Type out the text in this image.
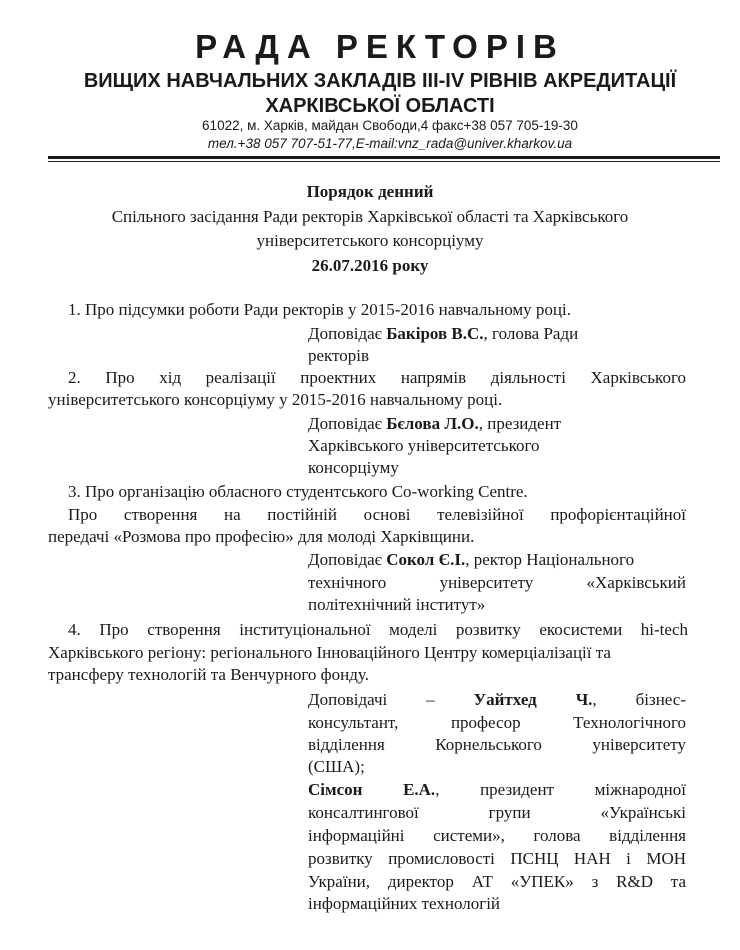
РАДА РЕКТОРІВ
ВИЩИХ НАВЧАЛЬНИХ ЗАКЛАДІВ ІІІ-ІV РІВНІВ АКРЕДИТАЦІЇ
ХАРКІВСЬКОЇ ОБЛАСТІ
61022, м. Харків, майдан Свободи,4 факс+38 057 705-19-30
тел.+38 057 707-51-77,E-mail:vnz_rada@univer.kharkov.ua
Порядок денний
Спільного засідання Ради ректорів Харківської області та Харківського
університетського консорціуму
26.07.2016 року
1. Про підсумки роботи Ради ректорів у 2015-2016 навчальному році.
Доповідає Бакіров В.С., голова Ради
ректорів
2. Про хід реалізації проектних напрямів діяльності Харківського
університетського консорціуму у 2015-2016 навчальному році.
Доповідає Бєлова Л.О., президент
Харківського університетського
консорціуму
3. Про організацію обласного студентського Co-working Centre.
Про створення на постійній основі телевізійної профорієнтаційної
передачі «Розмова про професію» для молоді Харківщини.
Доповідає Сокол Є.І., ректор Національного
технічного університету «Харківський
політехнічний інститут»
4. Про створення інституціональної моделі розвитку екосистеми hi-tech
Харківського регіону: регіонального Інноваційного Центру комерціалізації та
трансферу технологій та Венчурного фонду.
Доповідачі – Уайтхед Ч., бізнес-
консультант, професор Технологічного
відділення Корнельського університету
(США);
Сімсон Е.А., президент міжнародної
консалтингової групи «Українські
інформаційні системи», голова відділення
розвитку промисловості ПСНЦ НАН і МОН
України, директор АТ «УПЕК» з R&D та
інформаційних технологій
